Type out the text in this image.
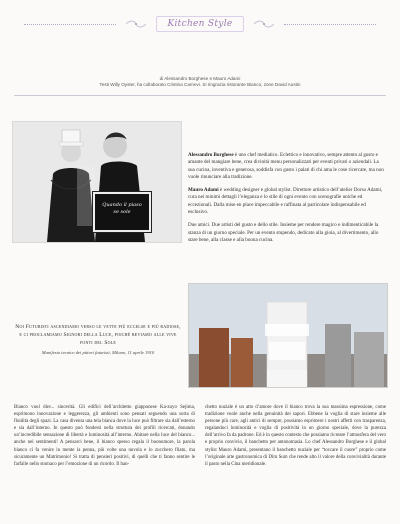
Kitchen Style
di Alessandro Borghese e Mauro Adami
Testi Willy Oyster, ha collaborato Cristina Carnevi. Si ringrazia ristorante Bianco, zone David Austin
Quando il piaso se sole

Alessandro Borghese è uno chef mediatico. Eclettico e innovativo, sempre attento al gusto e amante del mangiare bene, crea divinità menu personalizzati per eventi privati o aziendali. La sua cucina, inventiva e generosa, soddisfa con gusto i palati di chi ama le cose ricercate, ma non vuole rinunciare alla tradizione.

Mauro Adami è wedding designer e global stylist. Direttore artistico dell’atelier Dorso Adami, cura nei minimi dettagli l’eleganza e lo stile di ogni evento con scenografie uniche ed eccezionali. Dalla mise en place impeccabile e raffinata al particolare indispensabile ed esclusivo.

Due amici. Due artisti del gusto e dello stile. Insieme per rendere magico e indimenticabile la stanza di un giorno speciale. Per un evento stupendo, dedicato alla gioia, al divertimento, allo stare bene, alla classe e alla buona cucina.

Noi Futuristi ascendiamo verso le vette più eccelse e più radiose, e ci proclamiamo Signori della Luce, poiché beviamo alle vive fonti del Sole
Manifesto tecnico dei pittori futuristi, Milano, 11 aprile 1910

Bianco vuol dire... sincerità. Gli edifici dell’architetto giapponese Ka-zuyo Sejima, esprimono innovazione e leggerezza, gli ambienti sono pensati seguendo una sorta di fluidità degli spazi. La casa diventa una tela bianca dove la luce può filtrare sia dall’esterno e sia dall’interno. In questo può fondersi nella struttura dei profili ricercati, donando un’incredibile sensazione di libertà e luminosità all’interno. Abitare nella luce del bianco... anche nei sentimenti! A pensarci bene, il bianco spesso regala il buonumore, la parola bianco ci fa venire in mente la penna, più volte una nuvola e lo zucchero filato, ma sicuramente un Matrimonio! Si tratta di pensieri positivi, di quelli che ti fanno sentire le farfalle nello stomaco per l’emozione di un ricordo. Il ban-

chetto nuziale è un atto d’amore dove il bianco trova la sua massima espressione, come tradizione vuole anche nella genuinità dei sapori. Ebbene la voglia di stare insieme alle persone più care, agli amici di sempre, possiamo esprimere i nostri affetti con trasparenza, regalandoci luminosità e voglia di positività in un giorno speciale, dove la purezza dell’arrivo fa da padrone. Ed è in questo contesto che possiamo ricreare l’atmosfera del vero e proprio convivio, il banchetto per antonomasia. Lo chef Alessandro Borghese e il global stylist Mauro Adami, presentano il banchetto nuziale per “toccare il cuore” proprio come l’originale arte gastronomica di Dim Sum che rende alto il valore della convivialità durante il pasto nella Cina meridionale.
